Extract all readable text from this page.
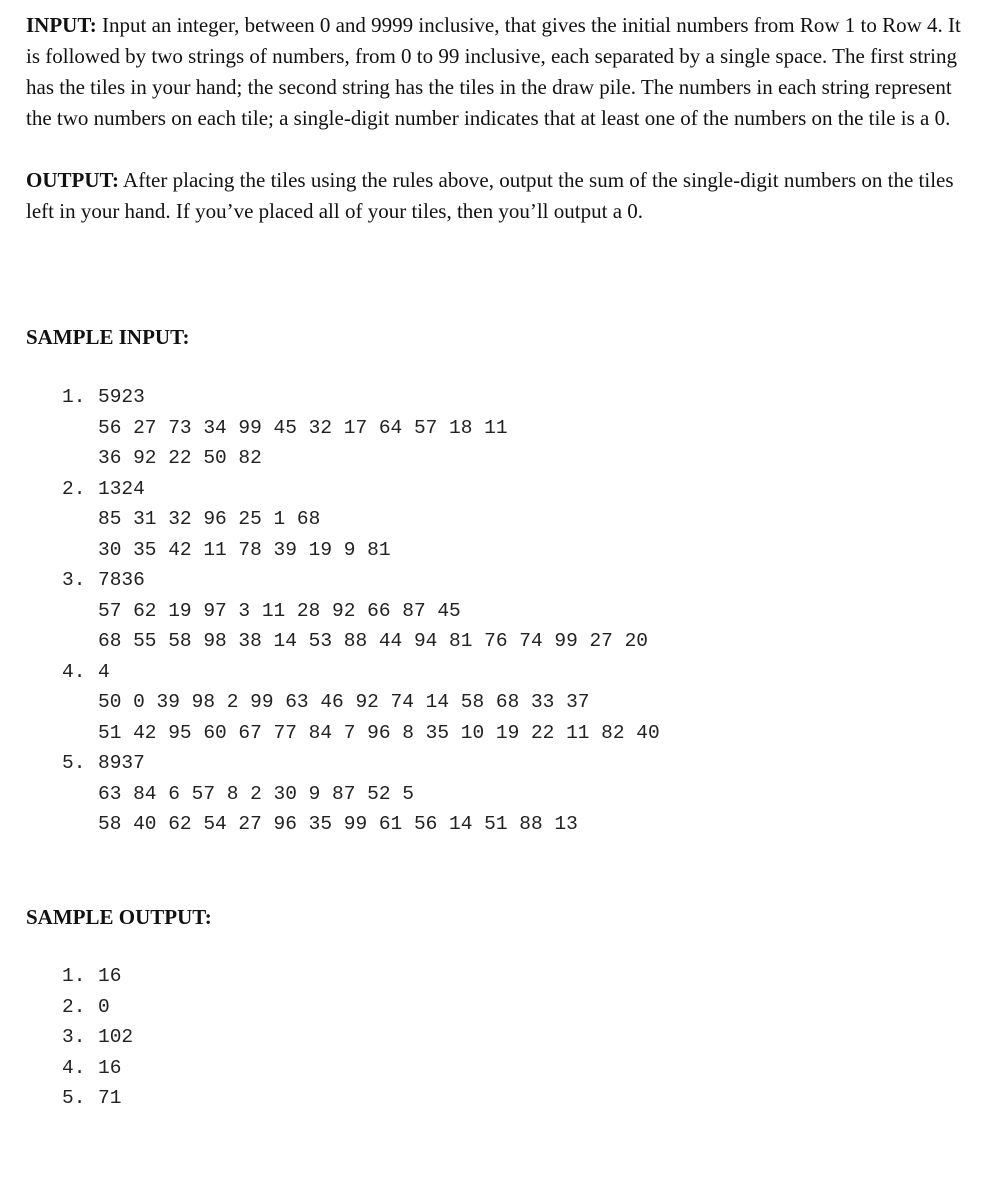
INPUT: Input an integer, between 0 and 9999 inclusive, that gives the initial numbers from Row 1 to Row 4. It is followed by two strings of numbers, from 0 to 99 inclusive, each separated by a single space. The first string has the tiles in your hand; the second string has the tiles in the draw pile. The numbers in each string represent the two numbers on each tile; a single-digit number indicates that at least one of the numbers on the tile is a 0.

OUTPUT: After placing the tiles using the rules above, output the sum of the single-digit numbers on the tiles left in your hand. If you’ve placed all of your tiles, then you’ll output a 0.

SAMPLE INPUT:

1. 5923
56 27 73 34 99 45 32 17 64 57 18 11
36 92 22 50 82
2. 1324
85 31 32 96 25 1 68
30 35 42 11 78 39 19 9 81
3. 7836
57 62 19 97 3 11 28 92 66 87 45
68 55 58 98 38 14 53 88 44 94 81 76 74 99 27 20
4. 4
50 0 39 98 2 99 63 46 92 74 14 58 68 33 37
51 42 95 60 67 77 84 7 96 8 35 10 19 22 11 82 40
5. 8937
63 84 6 57 8 2 30 9 87 52 5
58 40 62 54 27 96 35 99 61 56 14 51 88 13

SAMPLE OUTPUT:

1. 16
2. 0
3. 102
4. 16
5. 71
